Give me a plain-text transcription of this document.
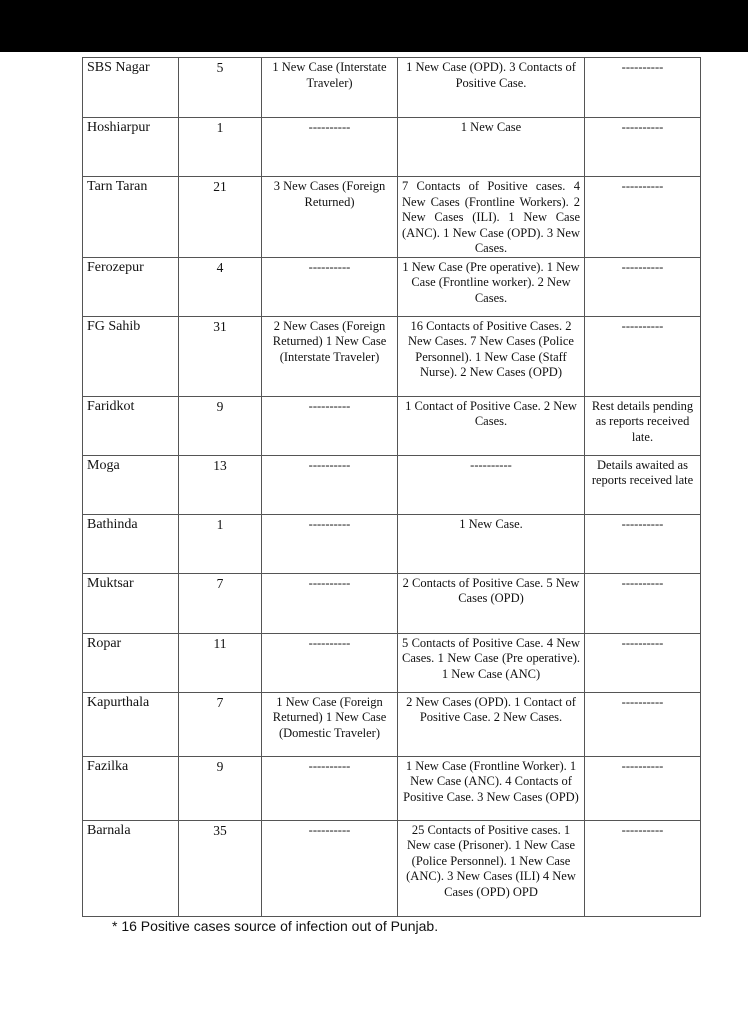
SBS Nagar	5	1 New Case (Interstate Traveler)	1 New Case (OPD). 3 Contacts of Positive Case.	----------
Hoshiarpur	1	----------	1 New Case	----------
Tarn Taran	21	3 New Cases (Foreign Returned)	7 Contacts of Positive cases. 4 New Cases (Frontline Workers). 2 New Cases (ILI). 1 New Case (ANC). 1 New Case (OPD). 3 New Cases.	----------
Ferozepur	4	----------	1 New Case (Pre operative). 1 New Case (Frontline worker). 2 New Cases.	----------
FG Sahib	31	2 New Cases (Foreign Returned) 1 New Case (Interstate Traveler)	16 Contacts of Positive Cases. 2 New Cases. 7 New Cases (Police Personnel). 1 New Case (Staff Nurse). 2 New Cases (OPD)	----------
Faridkot	9	----------	1 Contact of Positive Case. 2 New Cases.	Rest details pending as reports received late.
Moga	13	----------	----------	Details awaited as reports received late
Bathinda	1	----------	1 New Case.	----------
Muktsar	7	----------	2 Contacts of Positive Case. 5 New Cases (OPD)	----------
Ropar	11	----------	5 Contacts of Positive Case. 4 New Cases. 1 New Case (Pre operative). 1 New Case (ANC)	----------
Kapurthala	7	1 New Case (Foreign Returned) 1 New Case (Domestic Traveler)	2 New Cases (OPD). 1 Contact of Positive Case. 2 New Cases.	----------
Fazilka	9	----------	1 New Case (Frontline Worker). 1 New Case (ANC). 4 Contacts of Positive Case. 3 New Cases (OPD)	----------
Barnala	35	----------	25 Contacts of Positive cases. 1 New case (Prisoner). 1 New Case (Police Personnel). 1 New Case (ANC). 3 New Cases (ILI) 4 New Cases (OPD) OPD	----------
* 16 Positive cases source of infection out of Punjab.
